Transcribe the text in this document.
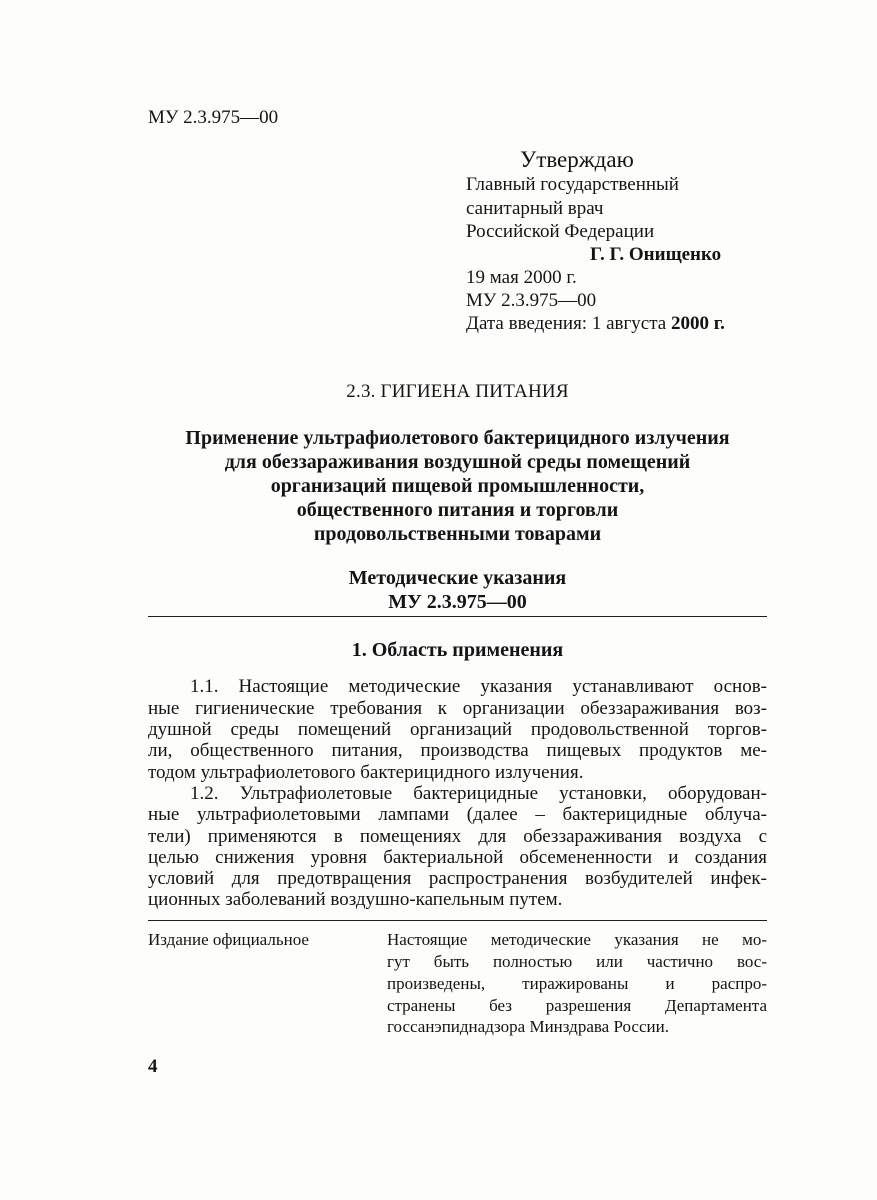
МУ 2.3.975—00
Утверждаю
Главный государственный
санитарный врач
Российской Федерации
Г. Г. Онищенко
19 мая 2000 г.
МУ 2.3.975—00
Дата введения: 1 августа 2000 г.
2.3. ГИГИЕНА ПИТАНИЯ
Применение ультрафиолетового бактерицидного излучения
для обеззараживания воздушной среды помещений
организаций пищевой промышленности,
общественного питания и торговли
продовольственными товарами
Методические указания
МУ 2.3.975—00
1. Область применения
1.1. Настоящие методические указания устанавливают основ-
ные гигиенические требования к организации обеззараживания воз-
душной среды помещений организаций продовольственной торгов-
ли, общественного питания, производства пищевых продуктов ме-
тодом ультрафиолетового бактерицидного излучения.
1.2. Ультрафиолетовые бактерицидные установки, оборудован-
ные ультрафиолетовыми лампами (далее – бактерицидные облуча-
тели) применяются в помещениях для обеззараживания воздуха с
целью снижения уровня бактериальной обсемененности и создания
условий для предотвращения распространения возбудителей инфек-
ционных заболеваний воздушно-капельным путем.
Издание официальное	Настоящие методические указания не мо-
гут быть полностью или частично вос-
произведены, тиражированы и распро-
странены без разрешения Департамента
госсанэпиднадзора Минздрава России.
4
